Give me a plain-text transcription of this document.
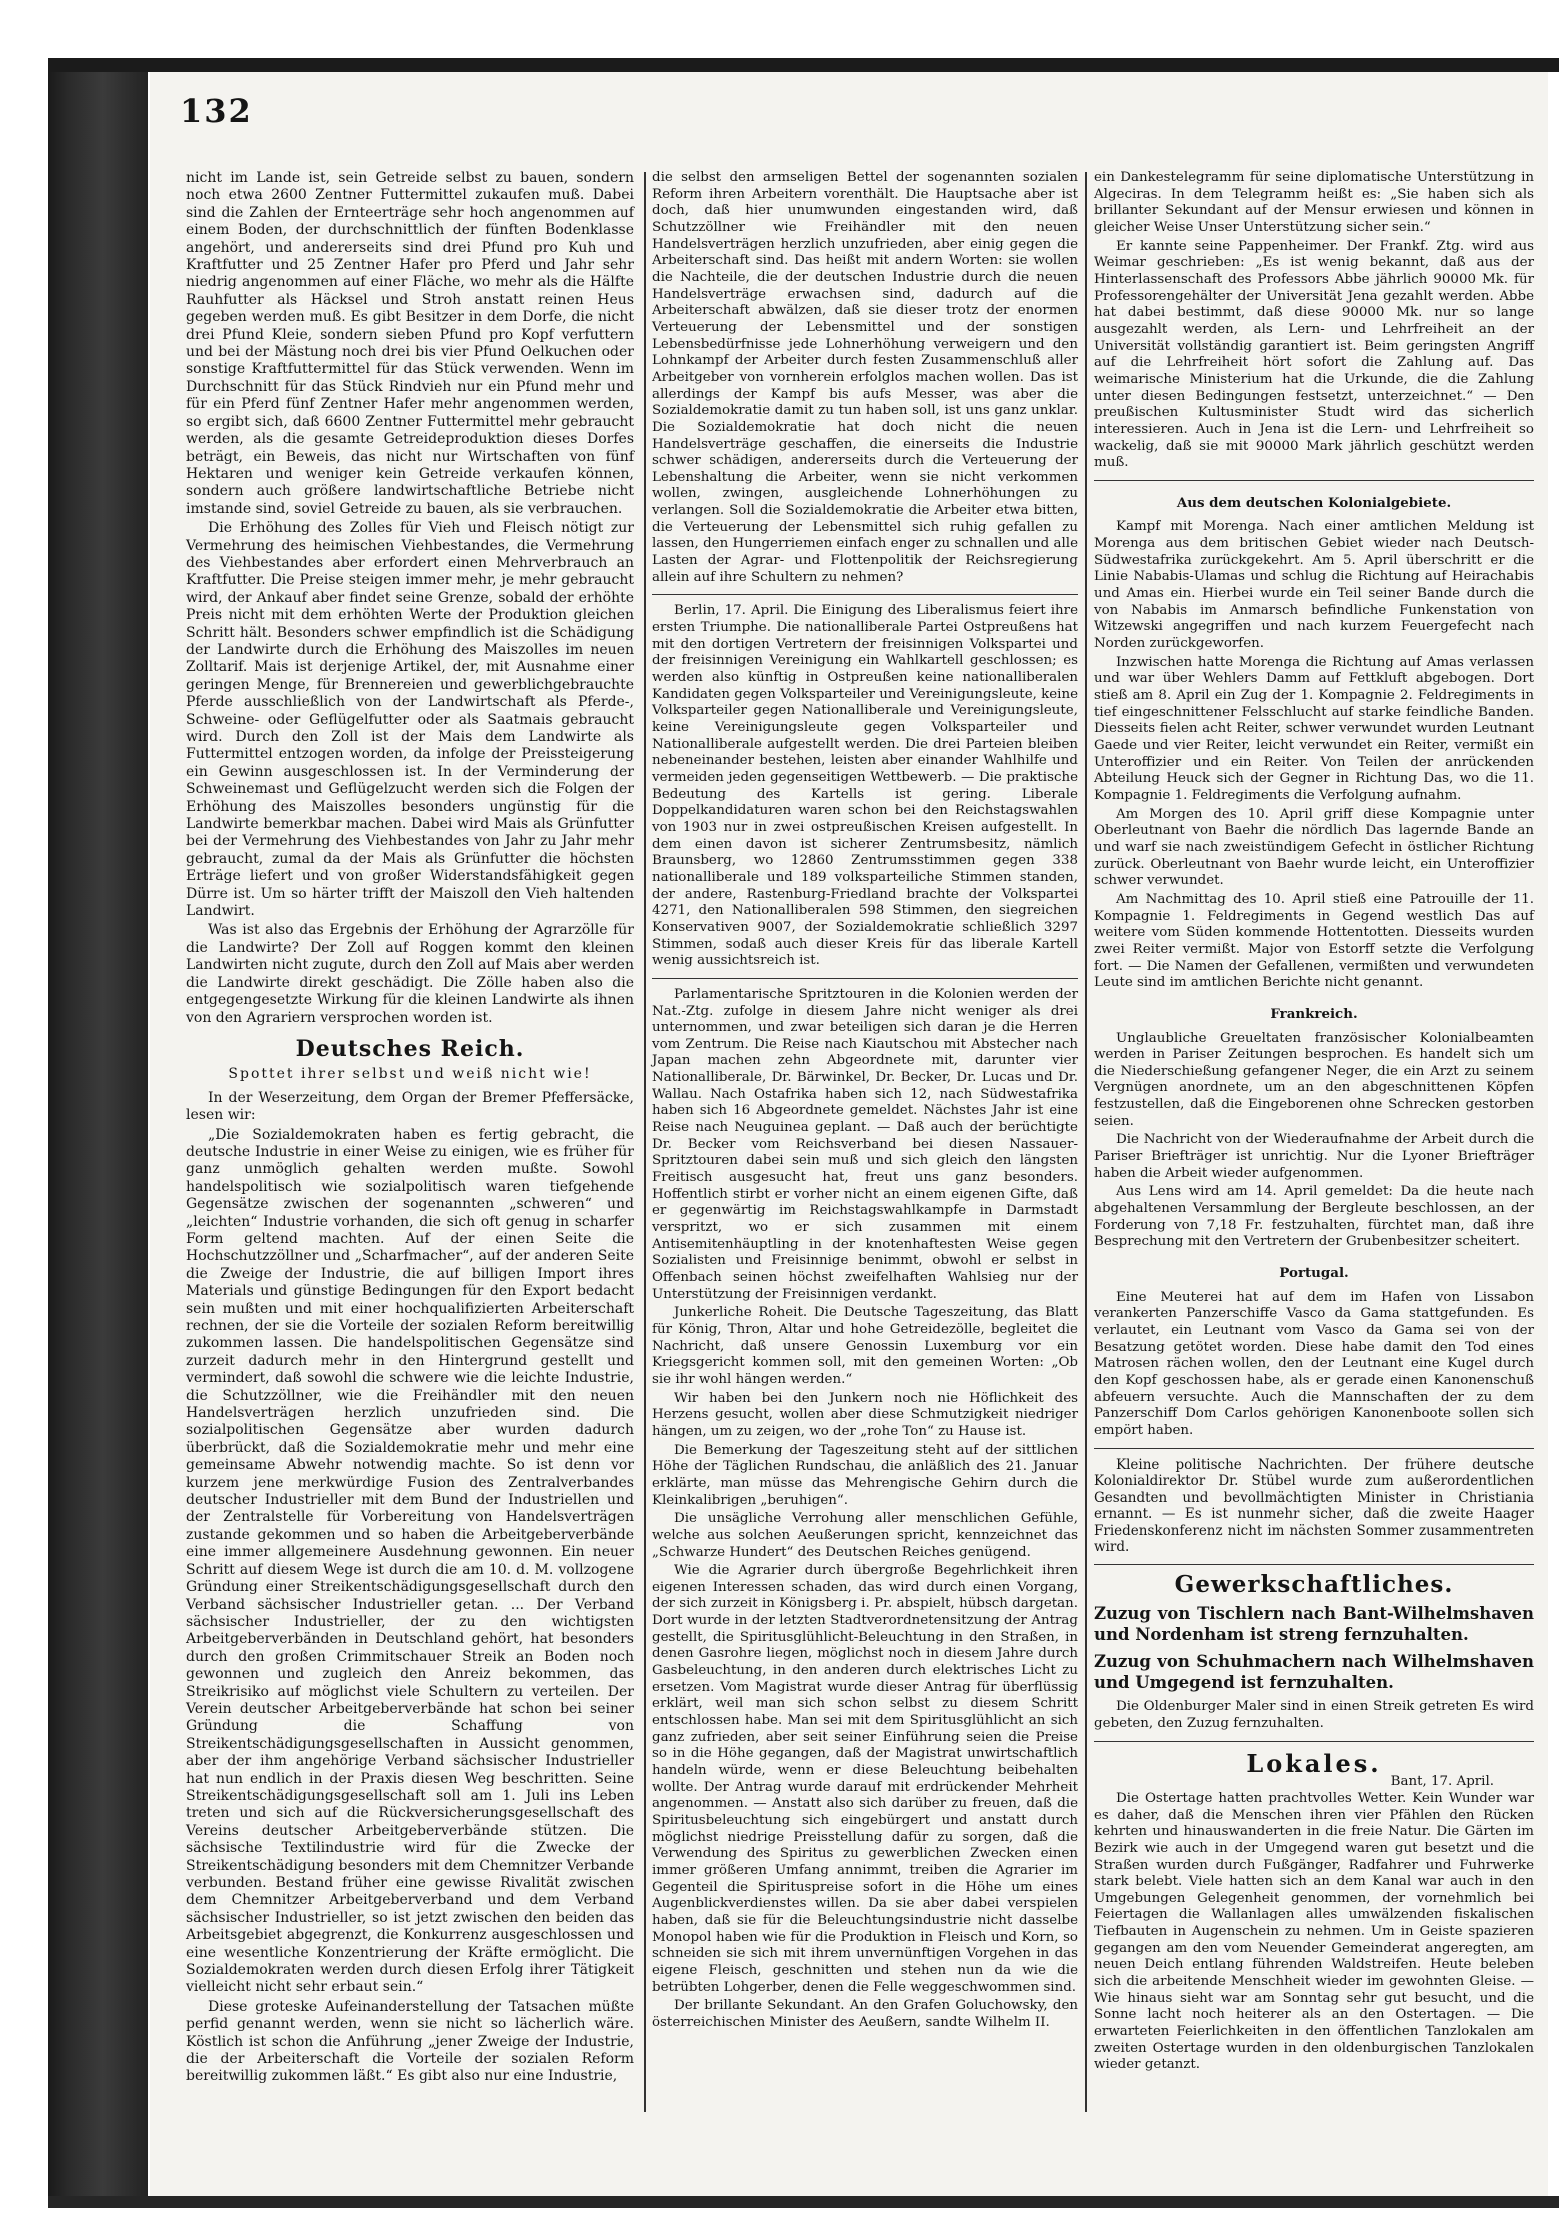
132

nicht im Lande ist, sein Getreide selbst zu bauen, sondern noch etwa 2600 Zentner Futtermittel zukaufen muß. Dabei sind die Zahlen der Ernteerträge sehr hoch angenommen auf einem Boden, der durchschnittlich der fünften Bodenklasse angehört, und andererseits sind drei Pfund pro Kuh und Kraftfutter und 25 Zentner Hafer pro Pferd und Jahr sehr niedrig angenommen auf einer Fläche, wo mehr als die Hälfte Rauhfutter als Häcksel und Stroh anstatt reinen Heus gegeben werden muß. Es gibt Besitzer in dem Dorfe, die nicht drei Pfund Kleie, sondern sieben Pfund pro Kopf verfuttern und bei der Mästung noch drei bis vier Pfund Oelkuchen oder sonstige Kraftfuttermittel für das Stück verwenden. Wenn im Durchschnitt für das Stück Rindvieh nur ein Pfund mehr und für ein Pferd fünf Zentner Hafer mehr angenommen werden, so ergibt sich, daß 6600 Zentner Futtermittel mehr gebraucht werden, als die gesamte Getreideproduktion dieses Dorfes beträgt, ein Beweis, das nicht nur Wirtschaften von fünf Hektaren und weniger kein Getreide verkaufen können, sondern auch größere landwirtschaftliche Betriebe nicht imstande sind, soviel Getreide zu bauen, als sie verbrauchen.

Die Erhöhung des Zolles für Vieh und Fleisch nötigt zur Vermehrung des heimischen Viehbestandes, die Vermehrung des Viehbestandes aber erfordert einen Mehrverbrauch an Kraftfutter. Die Preise steigen immer mehr, je mehr gebraucht wird, der Ankauf aber findet seine Grenze, sobald der erhöhte Preis nicht mit dem erhöhten Werte der Produktion gleichen Schritt hält. Besonders schwer empfindlich ist die Schädigung der Landwirte durch die Erhöhung des Maiszolles im neuen Zolltarif. Mais ist derjenige Artikel, der, mit Ausnahme einer geringen Menge, für Brennereien und gewerblichgebrauchte Pferde ausschließlich von der Landwirtschaft als Pferde-, Schweine- oder Geflügelfutter oder als Saatmais gebraucht wird. Durch den Zoll ist der Mais dem Landwirte als Futtermittel entzogen worden, da infolge der Preissteigerung ein Gewinn ausgeschlossen ist. In der Verminderung der Schweinemast und Geflügelzucht werden sich die Folgen der Erhöhung des Maiszolles besonders ungünstig für die Landwirte bemerkbar machen. Dabei wird Mais als Grünfutter bei der Vermehrung des Viehbestandes von Jahr zu Jahr mehr gebraucht, zumal da der Mais als Grünfutter die höchsten Erträge liefert und von großer Widerstandsfähigkeit gegen Dürre ist. Um so härter trifft der Maiszoll den Vieh haltenden Landwirt.

Was ist also das Ergebnis der Erhöhung der Agrarzölle für die Landwirte? Der Zoll auf Roggen kommt den kleinen Landwirten nicht zugute, durch den Zoll auf Mais aber werden die Landwirte direkt geschädigt. Die Zölle haben also die entgegengesetzte Wirkung für die kleinen Landwirte als ihnen von den Agrariern versprochen worden ist.

Deutsches Reich.
Spottet ihrer selbst und weiß nicht wie!

In der Weserzeitung, dem Organ der Bremer Pfeffersäcke, lesen wir:

„Die Sozialdemokraten haben es fertig gebracht, die deutsche Industrie in einer Weise zu einigen, wie es früher für ganz unmöglich gehalten werden mußte. Sowohl handelspolitisch wie sozialpolitisch waren tiefgehende Gegensätze zwischen der sogenannten „schweren“ und „leichten“ Industrie vorhanden, die sich oft genug in scharfer Form geltend machten. Auf der einen Seite die Hochschutzzöllner und „Scharfmacher“, auf der anderen Seite die Zweige der Industrie, die auf billigen Import ihres Materials und günstige Bedingungen für den Export bedacht sein mußten und mit einer hochqualifizierten Arbeiterschaft rechnen, der sie die Vorteile der sozialen Reform bereitwillig zukommen lassen. Die handelspolitischen Gegensätze sind zurzeit dadurch mehr in den Hintergrund gestellt und vermindert, daß sowohl die schwere wie die leichte Industrie, die Schutzzöllner, wie die Freihändler mit den neuen Handelsverträgen herzlich unzufrieden sind. Die sozialpolitischen Gegensätze aber wurden dadurch überbrückt, daß die Sozialdemokratie mehr und mehr eine gemeinsame Abwehr notwendig machte. So ist denn vor kurzem jene merkwürdige Fusion des Zentralverbandes deutscher Industrieller mit dem Bund der Industriellen und der Zentralstelle für Vorbereitung von Handelsverträgen zustande gekommen und so haben die Arbeitgeberverbände eine immer allgemeinere Ausdehnung gewonnen. Ein neuer Schritt auf diesem Wege ist durch die am 10. d. M. vollzogene Gründung einer Streikentschädigungsgesellschaft durch den Verband sächsischer Industrieller getan. ... Der Verband sächsischer Industrieller, der zu den wichtigsten Arbeitgeberverbänden in Deutschland gehört, hat besonders durch den großen Crimmitschauer Streik an Boden noch gewonnen und zugleich den Anreiz bekommen, das Streikrisiko auf möglichst viele Schultern zu verteilen. Der Verein deutscher Arbeitgeberverbände hat schon bei seiner Gründung die Schaffung von Streikentschädigungsgesellschaften in Aussicht genommen, aber der ihm angehörige Verband sächsischer Industrieller hat nun endlich in der Praxis diesen Weg beschritten. Seine Streikentschädigungsgesellschaft soll am 1. Juli ins Leben treten und sich auf die Rückversicherungsgesellschaft des Vereins deutscher Arbeitgeberverbände stützen. Die sächsische Textilindustrie wird für die Zwecke der Streikentschädigung besonders mit dem Chemnitzer Verbande verbunden. Bestand früher eine gewisse Rivalität zwischen dem Chemnitzer Arbeitgeberverband und dem Verband sächsischer Industrieller, so ist jetzt zwischen den beiden das Arbeitsgebiet abgegrenzt, die Konkurrenz ausgeschlossen und eine wesentliche Konzentrierung der Kräfte ermöglicht. Die Sozialdemokraten werden durch diesen Erfolg ihrer Tätigkeit vielleicht nicht sehr erbaut sein.“

Diese groteske Aufeinanderstellung der Tatsachen müßte perfid genannt werden, wenn sie nicht so lächerlich wäre. Köstlich ist schon die Anführung „jener Zweige der Industrie, die der Arbeiterschaft die Vorteile der sozialen Reform bereitwillig zukommen läßt.“ Es gibt also nur eine Industrie,

die selbst den armseligen Bettel der sogenannten sozialen Reform ihren Arbeitern vorenthält. Die Hauptsache aber ist doch, daß hier unumwunden eingestanden wird, daß Schutzzöllner wie Freihändler mit den neuen Handelsverträgen herzlich unzufrieden, aber einig gegen die Arbeiterschaft sind. Das heißt mit andern Worten: sie wollen die Nachteile, die der deutschen Industrie durch die neuen Handelsverträge erwachsen sind, dadurch auf die Arbeiterschaft abwälzen, daß sie dieser trotz der enormen Verteuerung der Lebensmittel und der sonstigen Lebensbedürfnisse jede Lohnerhöhung verweigern und den Lohnkampf der Arbeiter durch festen Zusammenschluß aller Arbeitgeber von vornherein erfolglos machen wollen. Das ist allerdings der Kampf bis aufs Messer, was aber die Sozialdemokratie damit zu tun haben soll, ist uns ganz unklar. Die Sozialdemokratie hat doch nicht die neuen Handelsverträge geschaffen, die einerseits die Industrie schwer schädigen, andererseits durch die Verteuerung der Lebenshaltung die Arbeiter, wenn sie nicht verkommen wollen, zwingen, ausgleichende Lohnerhöhungen zu verlangen. Soll die Sozialdemokratie die Arbeiter etwa bitten, die Verteuerung der Lebensmittel sich ruhig gefallen zu lassen, den Hungerriemen einfach enger zu schnallen und alle Lasten der Agrar- und Flottenpolitik der Reichsregierung allein auf ihre Schultern zu nehmen?

Berlin, 17. April. Die Einigung des Liberalismus feiert ihre ersten Triumphe. Die nationalliberale Partei Ostpreußens hat mit den dortigen Vertretern der freisinnigen Volkspartei und der freisinnigen Vereinigung ein Wahlkartell geschlossen; es werden also künftig in Ostpreußen keine nationalliberalen Kandidaten gegen Volksparteiler und Vereinigungsleute, keine Volksparteiler gegen Nationalliberale und Vereinigungsleute, keine Vereinigungsleute gegen Volksparteiler und Nationalliberale aufgestellt werden. Die drei Parteien bleiben nebeneinander bestehen, leisten aber einander Wahlhilfe und vermeiden jeden gegenseitigen Wettbewerb. — Die praktische Bedeutung des Kartells ist gering. Liberale Doppelkandidaturen waren schon bei den Reichstagswahlen von 1903 nur in zwei ostpreußischen Kreisen aufgestellt. In dem einen davon ist sicherer Zentrumsbesitz, nämlich Braunsberg, wo 12860 Zentrumsstimmen gegen 338 nationalliberale und 189 volksparteiliche Stimmen standen, der andere, Rastenburg-Friedland brachte der Volkspartei 4271, den Nationalliberalen 598 Stimmen, den siegreichen Konservativen 9007, der Sozialdemokratie schließlich 3297 Stimmen, sodaß auch dieser Kreis für das liberale Kartell wenig aussichtsreich ist.

Parlamentarische Spritztouren in die Kolonien werden der Nat.-Ztg. zufolge in diesem Jahre nicht weniger als drei unternommen, und zwar beteiligen sich daran je die Herren vom Zentrum. Die Reise nach Kiautschou mit Abstecher nach Japan machen zehn Abgeordnete mit, darunter vier Nationalliberale, Dr. Bärwinkel, Dr. Becker, Dr. Lucas und Dr. Wallau. Nach Ostafrika haben sich 12, nach Südwestafrika haben sich 16 Abgeordnete gemeldet. Nächstes Jahr ist eine Reise nach Neuguinea geplant. — Daß auch der berüchtigte Dr. Becker vom Reichsverband bei diesen Nassauer-Spritztouren dabei sein muß und sich gleich den längsten Freitisch ausgesucht hat, freut uns ganz besonders. Hoffentlich stirbt er vorher nicht an einem eigenen Gifte, daß er gegenwärtig im Reichstagswahlkampfe in Darmstadt verspritzt, wo er sich zusammen mit einem Antisemitenhäuptling in der knotenhaftesten Weise gegen Sozialisten und Freisinnige benimmt, obwohl er selbst in Offenbach seinen höchst zweifelhaften Wahlsieg nur der Unterstützung der Freisinnigen verdankt.

Junkerliche Roheit. Die Deutsche Tageszeitung, das Blatt für König, Thron, Altar und hohe Getreidezölle, begleitet die Nachricht, daß unsere Genossin Luxemburg vor ein Kriegsgericht kommen soll, mit den gemeinen Worten: „Ob sie ihr wohl hängen werden.“

Wir haben bei den Junkern noch nie Höflichkeit des Herzens gesucht, wollen aber diese Schmutzigkeit niedriger hängen, um zu zeigen, wo der „rohe Ton“ zu Hause ist.

Die Bemerkung der Tageszeitung steht auf der sittlichen Höhe der Täglichen Rundschau, die anläßlich des 21. Januar erklärte, man müsse das Mehrengische Gehirn durch die Kleinkalibrigen „beruhigen“.

Die unsägliche Verrohung aller menschlichen Gefühle, welche aus solchen Aeußerungen spricht, kennzeichnet das „Schwarze Hundert“ des Deutschen Reiches genügend.

Wie die Agrarier durch übergroße Begehrlichkeit ihren eigenen Interessen schaden, das wird durch einen Vorgang, der sich zurzeit in Königsberg i. Pr. abspielt, hübsch dargetan. Dort wurde in der letzten Stadtverordnetensitzung der Antrag gestellt, die Spiritusglühlicht-Beleuchtung in den Straßen, in denen Gasrohre liegen, möglichst noch in diesem Jahre durch Gasbeleuchtung, in den anderen durch elektrisches Licht zu ersetzen. Vom Magistrat wurde dieser Antrag für überflüssig erklärt, weil man sich schon selbst zu diesem Schritt entschlossen habe. Man sei mit dem Spiritusglühlicht an sich ganz zufrieden, aber seit seiner Einführung seien die Preise so in die Höhe gegangen, daß der Magistrat unwirtschaftlich handeln würde, wenn er diese Beleuchtung beibehalten wollte. Der Antrag wurde darauf mit erdrückender Mehrheit angenommen. — Anstatt also sich darüber zu freuen, daß die Spiritusbeleuchtung sich eingebürgert und anstatt durch möglichst niedrige Preisstellung dafür zu sorgen, daß die Verwendung des Spiritus zu gewerblichen Zwecken einen immer größeren Umfang annimmt, treiben die Agrarier im Gegenteil die Spirituspreise sofort in die Höhe um eines Augenblickverdienstes willen. Da sie aber dabei verspielen haben, daß sie für die Beleuchtungsindustrie nicht dasselbe Monopol haben wie für die Produktion in Fleisch und Korn, so schneiden sie sich mit ihrem unvernünftigen Vorgehen in das eigene Fleisch, geschnitten und stehen nun da wie die betrübten Lohgerber, denen die Felle weggeschwommen sind.

Der brillante Sekundant. An den Grafen Goluchowsky, den österreichischen Minister des Aeußern, sandte Wilhelm II.

ein Dankestelegramm für seine diplomatische Unterstützung in Algeciras. In dem Telegramm heißt es: „Sie haben sich als brillanter Sekundant auf der Mensur erwiesen und können in gleicher Weise Unser Unterstützung sicher sein.“

Er kannte seine Pappenheimer. Der Frankf. Ztg. wird aus Weimar geschrieben: „Es ist wenig bekannt, daß aus der Hinterlassenschaft des Professors Abbe jährlich 90000 Mk. für Professorengehälter der Universität Jena gezahlt werden. Abbe hat dabei bestimmt, daß diese 90000 Mk. nur so lange ausgezahlt werden, als Lern- und Lehrfreiheit an der Universität vollständig garantiert ist. Beim geringsten Angriff auf die Lehrfreiheit hört sofort die Zahlung auf. Das weimarische Ministerium hat die Urkunde, die die Zahlung unter diesen Bedingungen festsetzt, unterzeichnet.“ — Den preußischen Kultusminister Studt wird das sicherlich interessieren. Auch in Jena ist die Lern- und Lehrfreiheit so wackelig, daß sie mit 90000 Mark jährlich geschützt werden muß.

Aus dem deutschen Kolonialgebiete.

Kampf mit Morenga. Nach einer amtlichen Meldung ist Morenga aus dem britischen Gebiet wieder nach Deutsch-Südwestafrika zurückgekehrt. Am 5. April überschritt er die Linie Nababis-Ulamas und schlug die Richtung auf Heirachabis und Amas ein. Hierbei wurde ein Teil seiner Bande durch die von Nababis im Anmarsch befindliche Funkenstation von Witzewski angegriffen und nach kurzem Feuergefecht nach Norden zurückgeworfen.

Inzwischen hatte Morenga die Richtung auf Amas verlassen und war über Wehlers Damm auf Fettkluft abgebogen. Dort stieß am 8. April ein Zug der 1. Kompagnie 2. Feldregiments in tief eingeschnittener Felsschlucht auf starke feindliche Banden. Diesseits fielen acht Reiter, schwer verwundet wurden Leutnant Gaede und vier Reiter, leicht verwundet ein Reiter, vermißt ein Unteroffizier und ein Reiter. Von Teilen der anrückenden Abteilung Heuck sich der Gegner in Richtung Das, wo die 11. Kompagnie 1. Feldregiments die Verfolgung aufnahm.

Am Morgen des 10. April griff diese Kompagnie unter Oberleutnant von Baehr die nördlich Das lagernde Bande an und warf sie nach zweistündigem Gefecht in östlicher Richtung zurück. Oberleutnant von Baehr wurde leicht, ein Unteroffizier schwer verwundet.

Am Nachmittag des 10. April stieß eine Patrouille der 11. Kompagnie 1. Feldregiments in Gegend westlich Das auf weitere vom Süden kommende Hottentotten. Diesseits wurden zwei Reiter vermißt. Major von Estorff setzte die Verfolgung fort. — Die Namen der Gefallenen, vermißten und verwundeten Leute sind im amtlichen Berichte nicht genannt.

Frankreich.

Unglaubliche Greueltaten französischer Kolonialbeamten werden in Pariser Zeitungen besprochen. Es handelt sich um die Niederschießung gefangener Neger, die ein Arzt zu seinem Vergnügen anordnete, um an den abgeschnittenen Köpfen festzustellen, daß die Eingeborenen ohne Schrecken gestorben seien.

Die Nachricht von der Wiederaufnahme der Arbeit durch die Pariser Briefträger ist unrichtig. Nur die Lyoner Briefträger haben die Arbeit wieder aufgenommen.

Aus Lens wird am 14. April gemeldet: Da die heute nach abgehaltenen Versammlung der Bergleute beschlossen, an der Forderung von 7,18 Fr. festzuhalten, fürchtet man, daß ihre Besprechung mit den Vertretern der Grubenbesitzer scheitert.

Portugal.

Eine Meuterei hat auf dem im Hafen von Lissabon verankerten Panzerschiffe Vasco da Gama stattgefunden. Es verlautet, ein Leutnant vom Vasco da Gama sei von der Besatzung getötet worden. Diese habe damit den Tod eines Matrosen rächen wollen, den der Leutnant eine Kugel durch den Kopf geschossen habe, als er gerade einen Kanonenschuß abfeuern versuchte. Auch die Mannschaften der zu dem Panzerschiff Dom Carlos gehörigen Kanonenboote sollen sich empört haben.

Kleine politische Nachrichten. Der frühere deutsche Kolonialdirektor Dr. Stübel wurde zum außerordentlichen Gesandten und bevollmächtigten Minister in Christiania ernannt. — Es ist nunmehr sicher, daß die zweite Haager Friedenskonferenz nicht im nächsten Sommer zusammentreten wird.

Gewerkschaftliches.
Zuzug von Tischlern nach Bant-Wilhelmshaven und Nordenham ist streng fernzuhalten.
Zuzug von Schuhmachern nach Wilhelmshaven und Umgegend ist fernzuhalten.

Die Oldenburger Maler sind in einen Streik getreten Es wird gebeten, den Zuzug fernzuhalten.

Lokales.
Bant, 17. April.

Die Ostertage hatten prachtvolles Wetter. Kein Wunder war es daher, daß die Menschen ihren vier Pfählen den Rücken kehrten und hinauswanderten in die freie Natur. Die Gärten im Bezirk wie auch in der Umgegend waren gut besetzt und die Straßen wurden durch Fußgänger, Radfahrer und Fuhrwerke stark belebt. Viele hatten sich an dem Kanal war auch in den Umgebungen Gelegenheit genommen, der vornehmlich bei Feiertagen die Wallanlagen alles umwälzenden fiskalischen Tiefbauten in Augenschein zu nehmen. Um in Geiste spazieren gegangen am den vom Neuender Gemeinderat angeregten, am neuen Deich entlang führenden Waldstreifen. Heute beleben sich die arbeitende Menschheit wieder im gewohnten Gleise. — Wie hinaus sieht war am Sonntag sehr gut besucht, und die Sonne lacht noch heiterer als an den Ostertagen. — Die erwarteten Feierlichkeiten in den öffentlichen Tanzlokalen am zweiten Ostertage wurden in den oldenburgischen Tanzlokalen wieder getanzt.
